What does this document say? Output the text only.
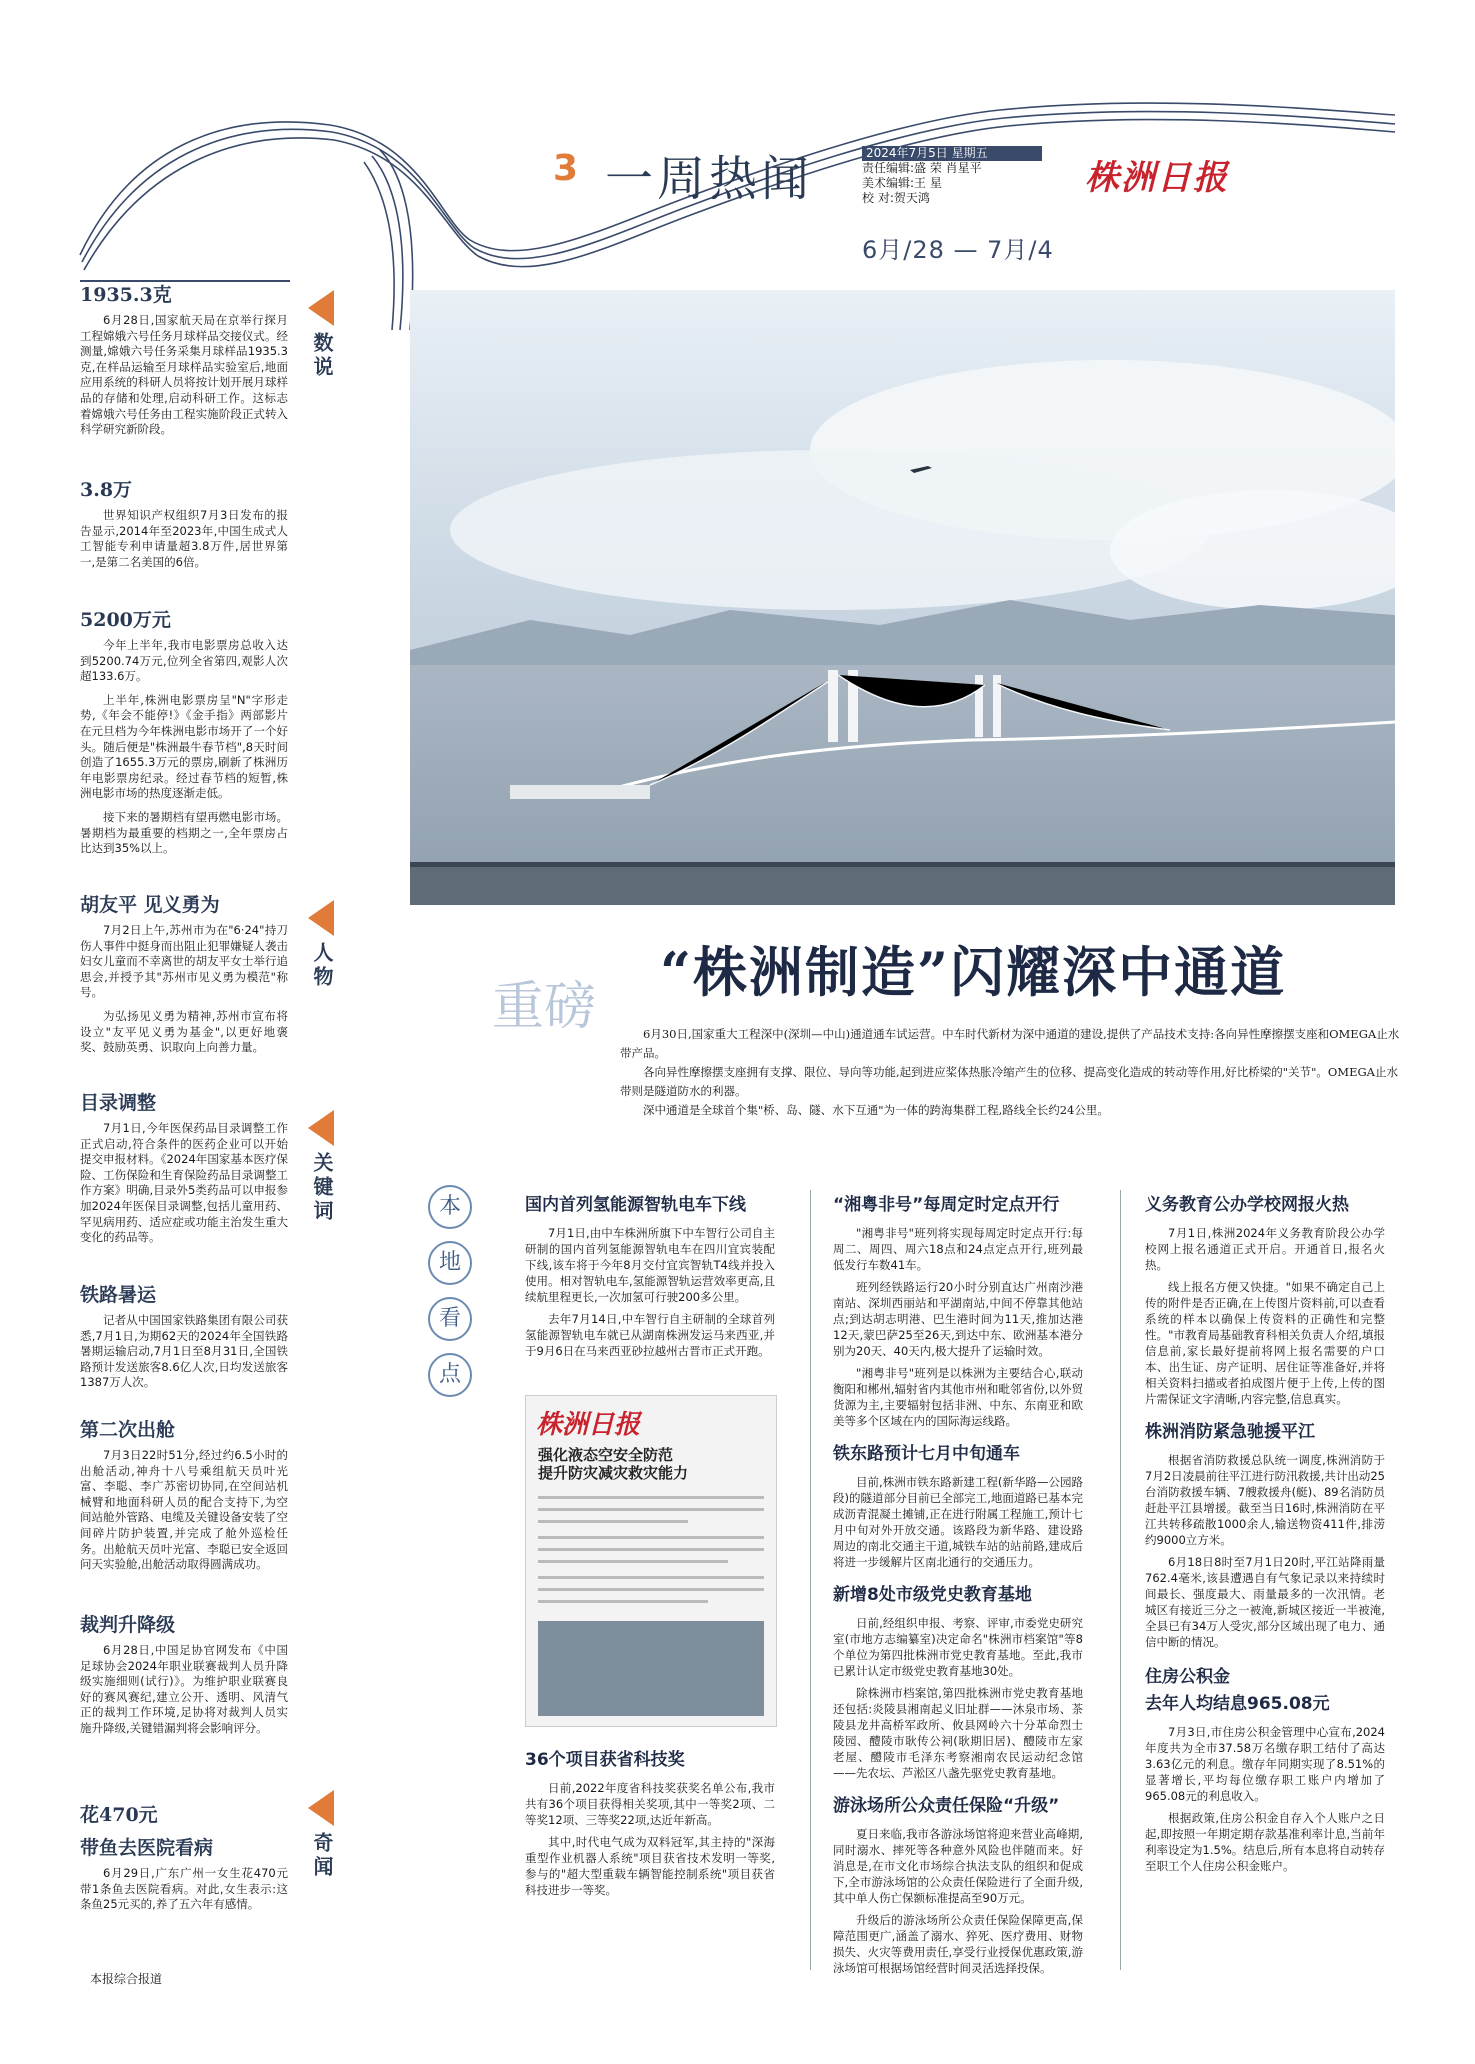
3 一周热闻	2024年7月5日 星期五
责任编辑:盛 荣 肖星平
美术编辑:王 星
校 对:贺天鸿	株洲日报
6月/28 — 7月/4
数说
人物
关键词
奇闻
1935.3克

6月28日,国家航天局在京举行探月工程嫦娥六号任务月球样品交接仪式。经测量,嫦娥六号任务采集月球样品1935.3克,在样品运输至月球样品实验室后,地面应用系统的科研人员将按计划开展月球样品的存储和处理,启动科研工作。这标志着嫦娥六号任务由工程实施阶段正式转入科学研究新阶段。

3.8万

世界知识产权组织7月3日发布的报告显示,2014年至2023年,中国生成式人工智能专利申请量超3.8万件,居世界第一,是第二名美国的6倍。

5200万元

今年上半年,我市电影票房总收入达到5200.74万元,位列全省第四,观影人次超133.6万。

上半年,株洲电影票房呈"N"字形走势,《年会不能停!》《金手指》两部影片在元旦档为今年株洲电影市场开了一个好头。随后便是"株洲最牛春节档",8天时间创造了1655.3万元的票房,刷新了株洲历年电影票房纪录。经过春节档的短暂,株洲电影市场的热度逐渐走低。

接下来的暑期档有望再燃电影市场。暑期档为最重要的档期之一,全年票房占比达到35%以上。

胡友平 见义勇为

7月2日上午,苏州市为在"6·24"持刀伤人事件中挺身而出阻止犯罪嫌疑人袭击妇女儿童而不幸离世的胡友平女士举行追思会,并授予其"苏州市见义勇为模范"称号。

为弘扬见义勇为精神,苏州市宣布将设立"友平见义勇为基金",以更好地褒奖、鼓励英勇、识取向上向善力量。

目录调整

7月1日,今年医保药品目录调整工作正式启动,符合条件的医药企业可以开始提交申报材料。《2024年国家基本医疗保险、工伤保险和生育保险药品目录调整工作方案》明确,目录外5类药品可以申报参加2024年医保目录调整,包括儿童用药、罕见病用药、适应症或功能主治发生重大变化的药品等。

铁路暑运

记者从中国国家铁路集团有限公司获悉,7月1日,为期62天的2024年全国铁路暑期运输启动,7月1日至8月31日,全国铁路预计发送旅客8.6亿人次,日均发送旅客1387万人次。

第二次出舱

7月3日22时51分,经过约6.5小时的出舱活动,神舟十八号乘组航天员叶光富、李聪、李广苏密切协同,在空间站机械臂和地面科研人员的配合支持下,为空间站舱外管路、电缆及关键设备安装了空间碎片防护装置,并完成了舱外巡检任务。出舱航天员叶光富、李聪已安全返回问天实验舱,出舱活动取得圆满成功。

裁判升降级

6月28日,中国足协官网发布《中国足球协会2024年职业联赛裁判人员升降级实施细则(试行)》。为维护职业联赛良好的赛风赛纪,建立公开、透明、风清气正的裁判工作环境,足协将对裁判人员实施升降级,关键错漏判将会影响评分。

花470元
带鱼去医院看病

6月29日,广东广州一女生花470元带1条鱼去医院看病。对此,女生表示:这条鱼25元买的,养了五六年有感情。

本报综合报道
重磅
“株洲制造”闪耀深中通道

6月30日,国家重大工程深中(深圳—中山)通道通车试运营。中车时代新材为深中通道的建设,提供了产品技术支持:各向异性摩擦摆支座和OMEGA止水带产品。

各向异性摩擦摆支座拥有支撑、限位、导向等功能,起到进应桨体热胀冷缩产生的位移、提高变化造成的转动等作用,好比桥梁的"关节"。OMEGA止水带则是隧道防水的利器。

深中通道是全球首个集"桥、岛、隧、水下互通"为一体的跨海集群工程,路线全长约24公里。

本
地
看
点
国内首列氢能源智轨电车下线

7月1日,由中车株洲所旗下中车智行公司自主研制的国内首列氢能源智轨电车在四川宜宾装配下线,该车将于今年8月交付宜宾智轨T4线并投入使用。相对智轨电车,氢能源智轨运营效率更高,且续航里程更长,一次加氢可行驶200多公里。

去年7月14日,中车智行自主研制的全球首列氢能源智轨电车就已从湖南株洲发运马来西亚,并于9月6日在马来西亚砂拉越州古晋市正式开跑。

株洲日报
强化液态空安全防范
提升防灾减灾救灾能力
36个项目获省科技奖

日前,2022年度省科技奖获奖名单公布,我市共有36个项目获得相关奖项,其中一等奖2项、二等奖12项、三等奖22项,达近年新高。

其中,时代电气成为双料冠军,其主持的"深海重型作业机器人系统"项目获省技术发明一等奖,参与的"超大型重载车辆智能控制系统"项目获省科技进步一等奖。

“湘粤非号”每周定时定点开行

"湘粤非号"班列将实现每周定时定点开行:每周二、周四、周六18点和24点定点开行,班列最低发行车数41车。

班列经铁路运行20小时分别直达广州南沙港南站、深圳西丽站和平湖南站,中间不停靠其他站点;到达胡志明港、巴生港时间为11天,推加达港12天,蒙巴萨25至26天,到达中东、欧洲基本港分别为20天、40天内,极大提升了运输时效。

"湘粤非号"班列是以株洲为主要结合心,联动衡阳和郴州,辐射省内其他市州和毗邻省份,以外贸货源为主,主要辐射包括非洲、中东、东南亚和欧美等多个区域在内的国际海运线路。

铁东路预计七月中旬通车

目前,株洲市铁东路新建工程(新华路—公园路段)的隧道部分目前已全部完工,地面道路已基本完成沥青混凝土摊铺,正在进行附属工程施工,预计七月中旬对外开放交通。该路段为新华路、建设路周边的南北交通主干道,城铁车站的站前路,建成后将进一步缓解片区南北通行的交通压力。

新增8处市级党史教育基地

日前,经组织申报、考察、评审,市委党史研究室(市地方志编纂室)决定命名"株洲市档案馆"等8个单位为第四批株洲市党史教育基地。至此,我市已累计认定市级党史教育基地30处。

除株洲市档案馆,第四批株洲市党史教育基地还包括:炎陵县湘南起义旧址群——沐泉市场、茶陵县龙井高桥军政所、攸县网岭六十分革命烈士陵园、醴陵市耿传公祠(耿期旧居)、醴陵市左家老屋、醴陵市毛泽东考察湘南农民运动纪念馆——先农坛、芦淞区八盏先驱党史教育基地。

游泳场所公众责任保险“升级”

夏日来临,我市各游泳场馆将迎来营业高峰期,同时溺水、摔死等各种意外风险也伴随而来。好消息是,在市文化市场综合执法支队的组织和促成下,全市游泳场馆的公众责任保险进行了全面升级,其中单人伤亡保额标准提高至90万元。

升级后的游泳场所公众责任保险保障更高,保障范围更广,涵盖了溺水、猝死、医疗费用、财物损失、火灾等费用责任,享受行业授保优惠政策,游泳场馆可根据场馆经营时间灵活选择投保。

义务教育公办学校网报火热

7月1日,株洲2024年义务教育阶段公办学校网上报名通道正式开启。开通首日,报名火热。

线上报名方便又快捷。"如果不确定自己上传的附件是否正确,在上传图片资料前,可以查看系统的样本以确保上传资料的正确性和完整性。"市教育局基础教育科相关负责人介绍,填报信息前,家长最好提前将网上报名需要的户口本、出生证、房产证明、居住证等准备好,并将相关资料扫描或者拍成图片便于上传,上传的图片需保证文字清晰,内容完整,信息真实。

株洲消防紧急驰援平江

根据省消防救援总队统一调度,株洲消防于7月2日凌晨前往平江进行防汛救援,共计出动25台消防救援车辆、7艘救援舟(艇)、89名消防员赶赴平江县增援。截至当日16时,株洲消防在平江共转移疏散1000余人,输送物资411件,排涝约9000立方米。

6月18日8时至7月1日20时,平江站降雨量762.4毫米,该县遭遇自有气象记录以来持续时间最长、强度最大、雨量最多的一次汛情。老城区有接近三分之一被淹,新城区接近一半被淹,全县已有34万人受灾,部分区域出现了电力、通信中断的情况。

住房公积金
去年人均结息965.08元

7月3日,市住房公积金管理中心宣布,2024年度共为全市37.58万名缴存职工结付了高达3.63亿元的利息。缴存年同期实现了8.51%的显著增长,平均每位缴存职工账户内增加了965.08元的利息收入。

根据政策,住房公积金自存入个人账户之日起,即按照一年期定期存款基准利率计息,当前年利率设定为1.5%。结息后,所有本息将自动转存至职工个人住房公积金账户。
